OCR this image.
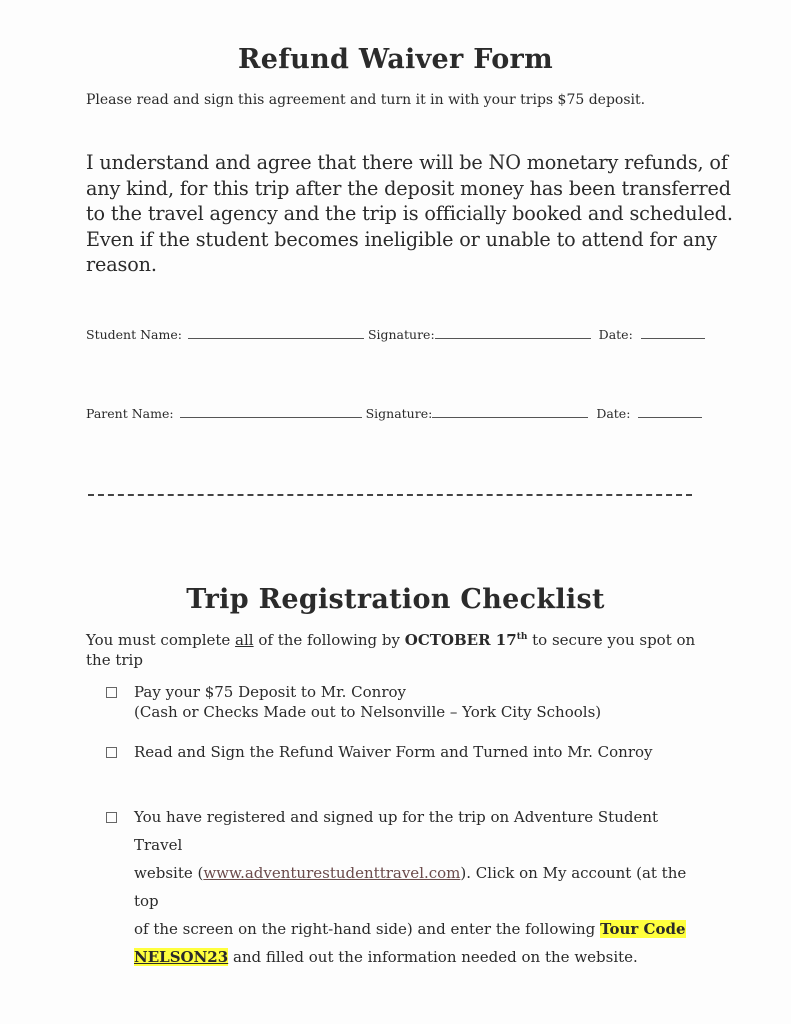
Refund Waiver Form
Please read and sign this agreement and turn it in with your trips $75 deposit.
I understand and agree that there will be NO monetary refunds, of
any kind, for this trip after the deposit money has been transferred
to the travel agency and the trip is officially booked and scheduled.
Even if the student becomes ineligible or unable to attend for any
reason.
Student Name:	Signature:	Date:
Parent Name:	Signature:	Date:
Trip Registration Checklist
You must complete all of the following by OCTOBER 17th to secure you spot on
the trip
Pay your $75 Deposit to Mr. Conroy
(Cash or Checks Made out to Nelsonville – York City Schools)
Read and Sign the Refund Waiver Form and Turned into Mr. Conroy
You have registered and signed up for the trip on Adventure Student Travel
website (www.adventurestudenttravel.com). Click on My account (at the top
of the screen on the right-hand side) and enter the following Tour Code
NELSON23 and filled out the information needed on the website.
